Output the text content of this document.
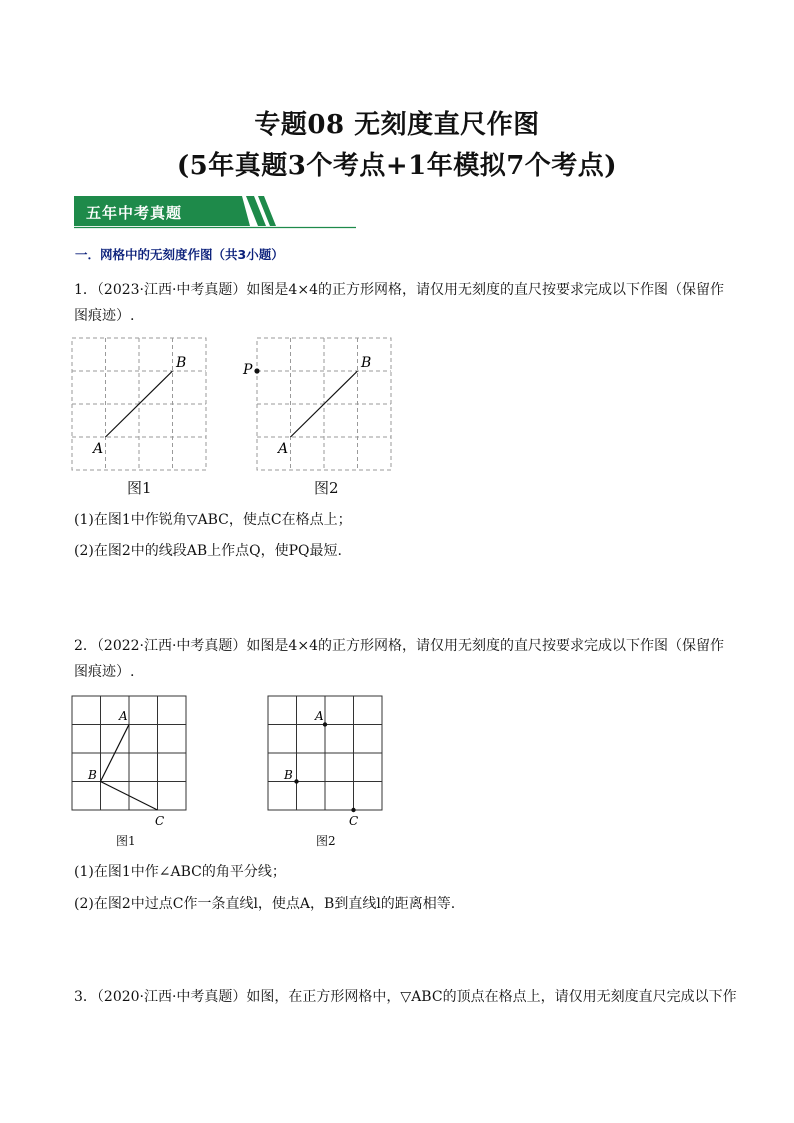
专题08 无刻度直尺作图
(5年真题3个考点+1年模拟7个考点)
五年中考真题
一．网格中的无刻度作图（共3小题）
1．（2023·江西·中考真题）如图是4×4的正方形网格，请仅用无刻度的直尺按要求完成以下作图（保留作图痕迹）.
A
B
图1
P
A
B
图2
(1)在图1中作锐角▽ABC，使点C在格点上；
(2)在图2中的线段AB上作点Q，使PQ最短.
2．（2022·江西·中考真题）如图是4×4的正方形网格，请仅用无刻度的直尺按要求完成以下作图（保留作图痕迹）.
A
B
C
图1
A
B
C
图2
(1)在图1中作∠ABC的角平分线；
(2)在图2中过点C作一条直线l，使点A，B到直线l的距离相等.
3．（2020·江西·中考真题）如图，在正方形网格中，▽ABC的顶点在格点上，请仅用无刻度直尺完成以下作
